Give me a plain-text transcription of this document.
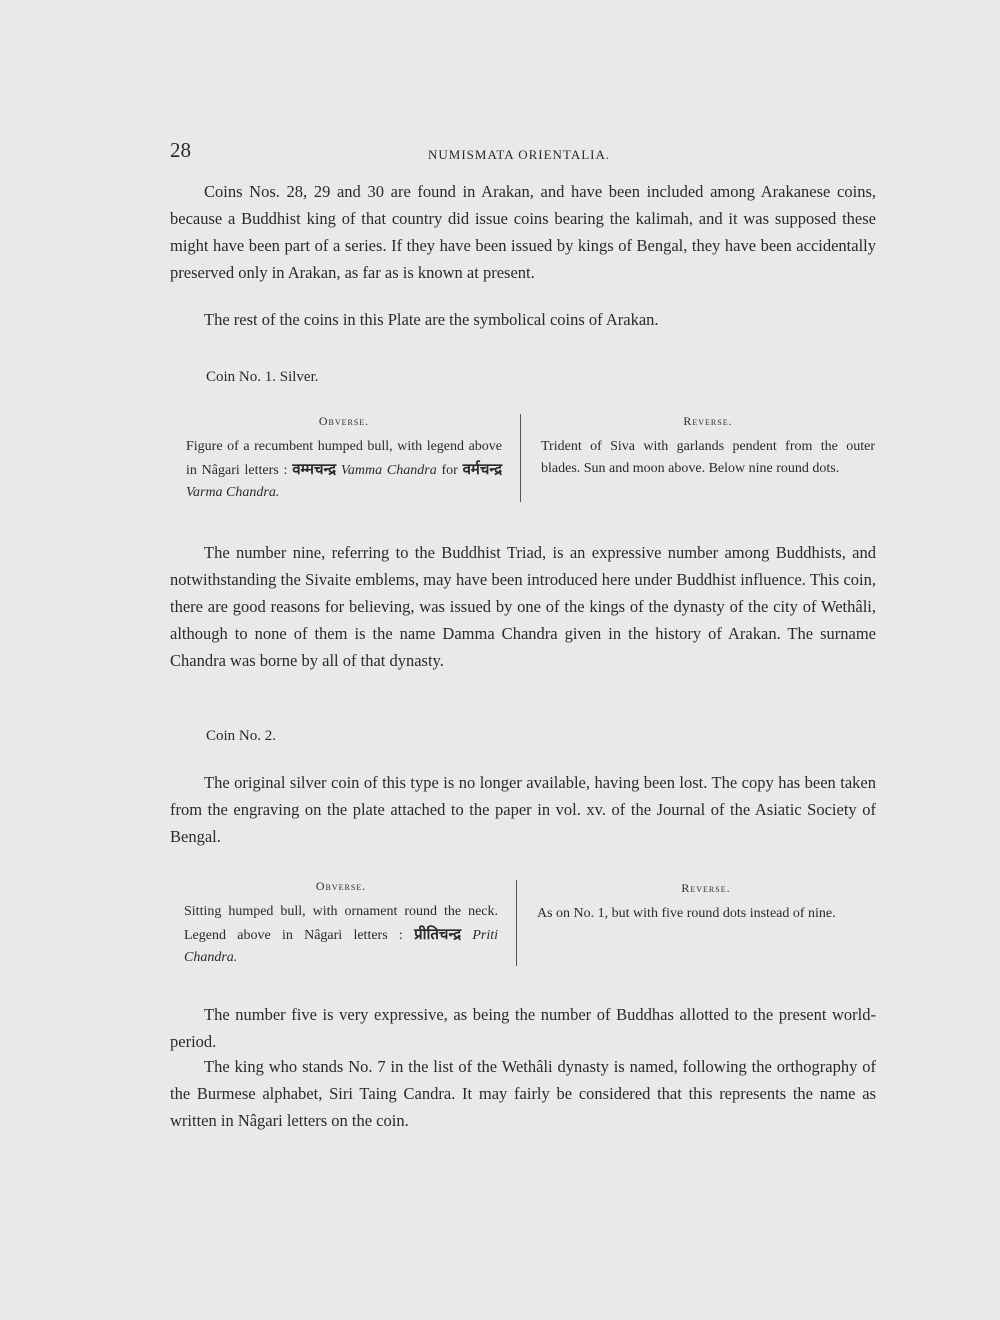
28	NUMISMATA ORIENTALIA.

Coins Nos. 28, 29 and 30 are found in Arakan, and have been included among Arakanese coins, because a Buddhist king of that country did issue coins bearing the kalimah, and it was supposed these might have been part of a series. If they have been issued by kings of Bengal, they have been accidentally preserved only in Arakan, as far as is known at present.

The rest of the coins in this Plate are the symbolical coins of Arakan.

Coin No. 1. Silver.
Obverse.

Figure of a recumbent humped bull, with legend above in Nâgari letters : वम्मचन्द्र Vamma Chandra for वर्मचन्द्र Varma Chandra.

Reverse.

Trident of Siva with garlands pendent from the outer blades. Sun and moon above. Below nine round dots.

The number nine, referring to the Buddhist Triad, is an expressive number among Buddhists, and notwithstanding the Sivaite emblems, may have been introduced here under Buddhist influence. This coin, there are good reasons for believing, was issued by one of the kings of the dynasty of the city of Wethâli, although to none of them is the name Damma Chandra given in the history of Arakan. The surname Chandra was borne by all of that dynasty.

Coin No. 2.

The original silver coin of this type is no longer available, having been lost. The copy has been taken from the engraving on the plate attached to the paper in vol. xv. of the Journal of the Asiatic Society of Bengal.

Obverse.

Sitting humped bull, with ornament round the neck. Legend above in Nâgari letters : प्रीतिचन्द्र Priti Chandra.

Reverse.

As on No. 1, but with five round dots instead of nine.

The number five is very expressive, as being the number of Buddhas allotted to the present world-period.

The king who stands No. 7 in the list of the Wethâli dynasty is named, following the orthography of the Burmese alphabet, Siri Taing Candra. It may fairly be considered that this represents the name as written in Nâgari letters on the coin.
